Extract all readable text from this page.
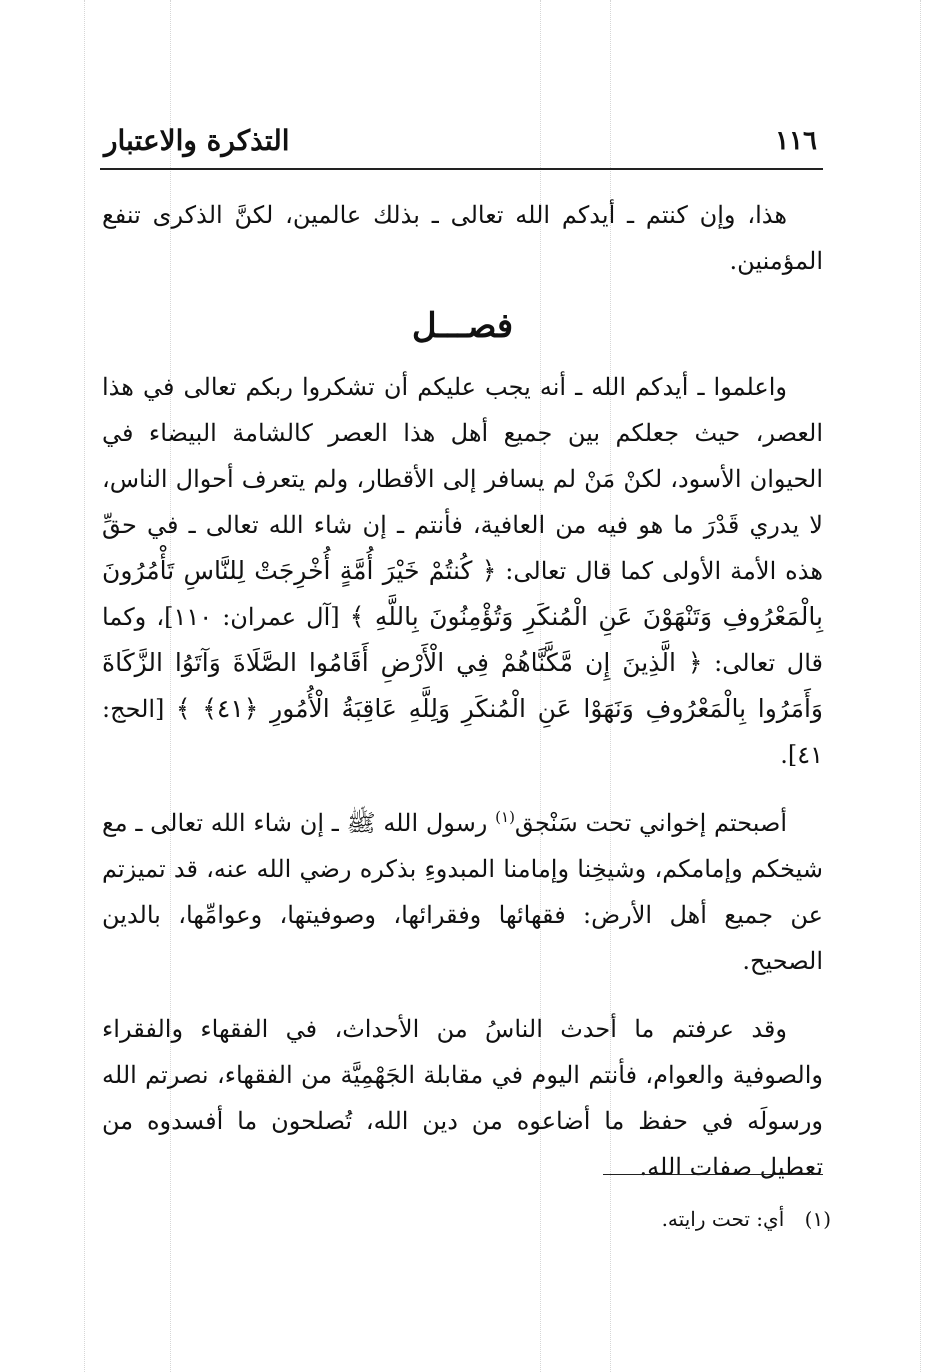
١١٦
التذكرة والاعتبار

هذا، وإن كنتم ـ أيدكم الله تعالى ـ بذلك عالمين، لكنَّ الذكرى تنفع المؤمنين.

فصـــل

واعلموا ـ أيدكم الله ـ أنه يجب عليكم أن تشكروا ربكم تعالى في هذا العصر، حيث جعلكم بين جميع أهل هذا العصر كالشامة البيضاء في الحيوان الأسود، لكنْ مَنْ لم يسافر إلى الأقطار، ولم يتعرف أحوال الناس، لا يدري قَدْرَ ما هو فيه من العافية، فأنتم ـ إن شاء الله تعالى ـ في حقِّ هذه الأمة الأولى كما قال تعالى: ﴿ كُنتُمْ خَيْرَ أُمَّةٍ أُخْرِجَتْ لِلنَّاسِ تَأْمُرُونَ بِالْمَعْرُوفِ وَتَنْهَوْنَ عَنِ الْمُنكَرِ وَتُؤْمِنُونَ بِاللَّهِ ﴾ [آل عمران: ١١٠]، وكما قال تعالى: ﴿ الَّذِينَ إِن مَّكَّنَّاهُمْ فِي الْأَرْضِ أَقَامُوا الصَّلَاةَ وَآتَوُا الزَّكَاةَ وَأَمَرُوا بِالْمَعْرُوفِ وَنَهَوْا عَنِ الْمُنكَرِ وَلِلَّهِ عَاقِبَةُ الْأُمُورِ ﴿٤١﴾ ﴾ [الحج: ٤١].

أصبحتم إخواني تحت سَنْجق$^{(١)}$ رسول الله ﷺ ـ إن شاء الله تعالى ـ مع شيخكم وإمامكم، وشيخِنا وإمامنا المبدوءِ بذكره رضي الله عنه، قد تميزتم عن جميع أهل الأرض: فقهائها وفقرائها، وصوفيتها، وعوامِّها، بالدين الصحيح.

وقد عرفتم ما أحدث الناسُ من الأحداث، في الفقهاء والفقراء والصوفية والعوام، فأنتم اليوم في مقابلة الجَهْمِيَّة من الفقهاء، نصرتم الله ورسولَه في حفظ ما أضاعوه من دين الله، تُصلحون ما أفسدوه من تعطيل صفات الله.

(١) أي: تحت رايته.
